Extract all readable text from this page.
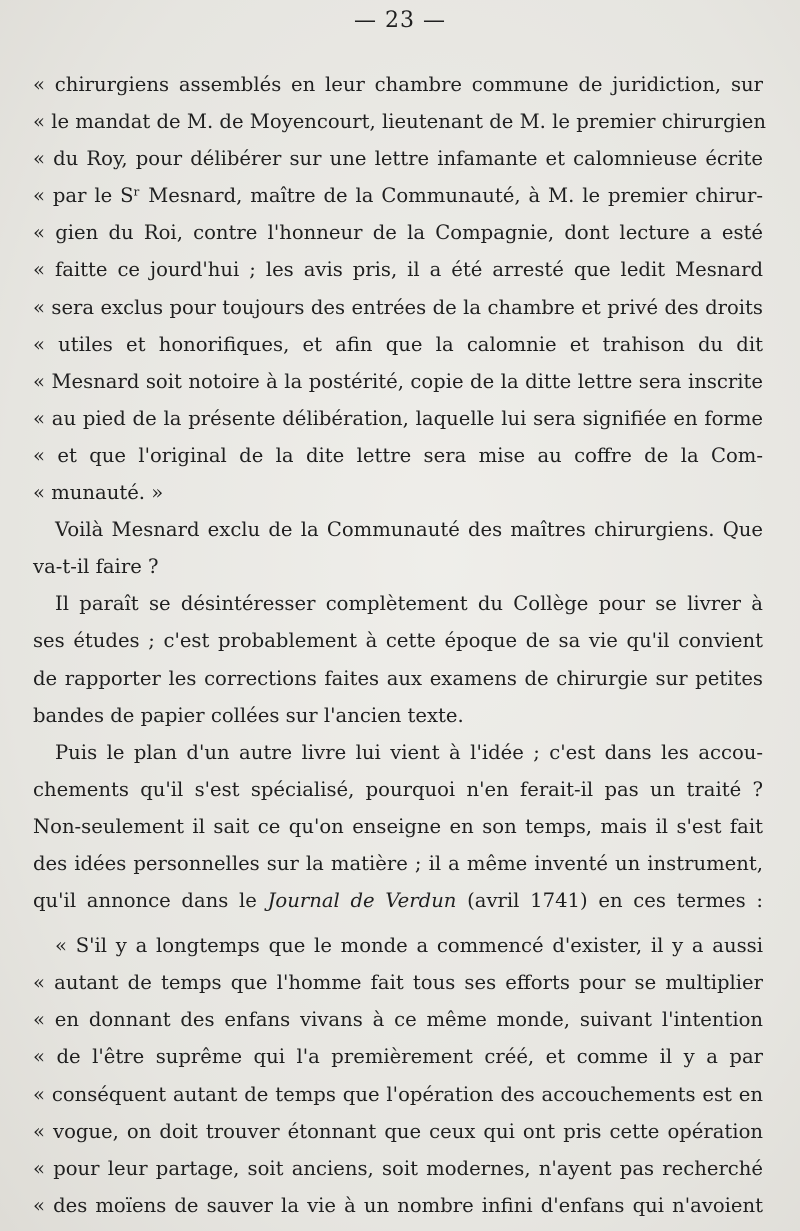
— 23 —
« chirurgiens assemblés en leur chambre commune de juridiction, sur
« le mandat de M. de Moyencourt, lieutenant de M. le premier chirurgien
« du Roy, pour délibérer sur une lettre infamante et calomnieuse écrite
« par le Sʳ Mesnard, maître de la Communauté, à M. le premier chirur-
« gien du Roi, contre l'honneur de la Compagnie, dont lecture a esté
« faitte ce jourd'hui ; les avis pris, il a été arresté que ledit Mesnard
« sera exclus pour toujours des entrées de la chambre et privé des droits
« utiles et honorifiques, et afin que la calomnie et trahison du dit
« Mesnard soit notoire à la postérité, copie de la ditte lettre sera inscrite
« au pied de la présente délibération, laquelle lui sera signifiée en forme
« et que l'original de la dite lettre sera mise au coffre de la Com-
« munauté. »
Voilà Mesnard exclu de la Communauté des maîtres chirurgiens. Que
va-t-il faire ?
Il paraît se désintéresser complètement du Collège pour se livrer à
ses études ; c'est probablement à cette époque de sa vie qu'il convient
de rapporter les corrections faites aux examens de chirurgie sur petites
bandes de papier collées sur l'ancien texte.
Puis le plan d'un autre livre lui vient à l'idée ; c'est dans les accou-
chements qu'il s'est spécialisé, pourquoi n'en ferait-il pas un traité ?
Non-seulement il sait ce qu'on enseigne en son temps, mais il s'est fait
des idées personnelles sur la matière ; il a même inventé un instrument,
qu'il annonce dans le Journal de Verdun (avril 1741) en ces termes :
« S'il y a longtemps que le monde a commencé d'exister, il y a aussi
« autant de temps que l'homme fait tous ses efforts pour se multiplier
« en donnant des enfans vivans à ce même monde, suivant l'intention
« de l'être suprême qui l'a premièrement créé, et comme il y a par
« conséquent autant de temps que l'opération des accouchements est en
« vogue, on doit trouver étonnant que ceux qui ont pris cette opération
« pour leur partage, soit anciens, soit modernes, n'ayent pas recherché
« des moïens de sauver la vie à un nombre infini d'enfans qui n'avoient
